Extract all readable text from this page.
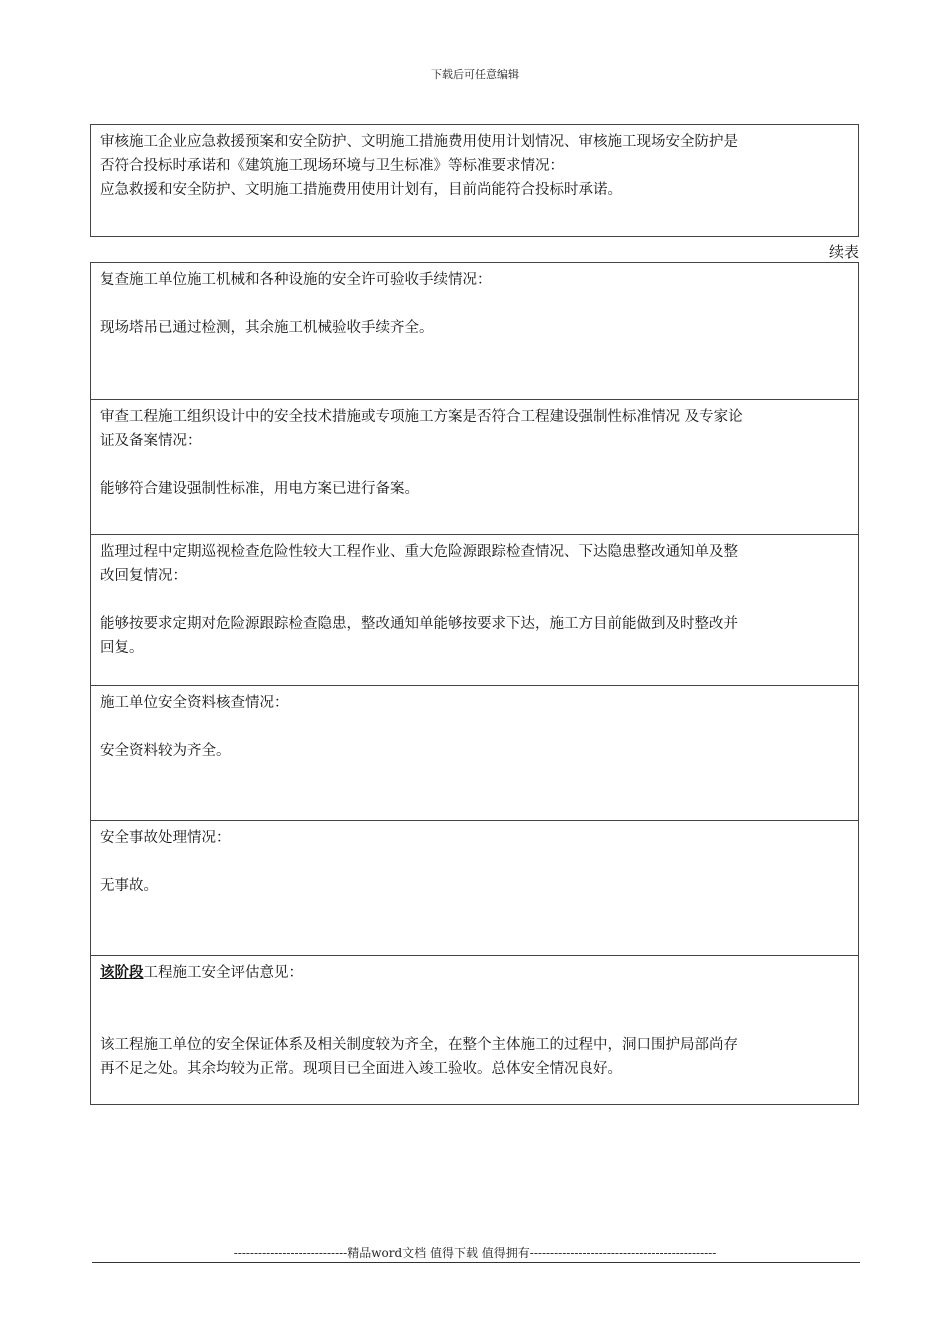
下载后可任意编辑
审核施工企业应急救援预案和安全防护、文明施工措施费用使用计划情况、审核施工现场安全防护是
否符合投标时承诺和《建筑施工现场环境与卫生标准》等标准要求情况：
应急救援和安全防护、文明施工措施费用使用计划有，目前尚能符合投标时承诺。
续表
复查施工单位施工机械和各种设施的安全许可验收手续情况：
现场塔吊已通过检测，其余施工机械验收手续齐全。
审查工程施工组织设计中的安全技术措施或专项施工方案是否符合工程建设强制性标准情况 及专家论
证及备案情况：
能够符合建设强制性标准，用电方案已进行备案。
监理过程中定期巡视检查危险性较大工程作业、重大危险源跟踪检查情况、下达隐患整改通知单及整
改回复情况：
能够按要求定期对危险源跟踪检查隐患，整改通知单能够按要求下达，施工方目前能做到及时整改并
回复。
施工单位安全资料核查情况：
安全资料较为齐全。
安全事故处理情况：
无事故。
该阶段工程施工安全评估意见：
该工程施工单位的安全保证体系及相关制度较为齐全，在整个主体施工的过程中，洞口围护局部尚存
再不足之处。其余均较为正常。现项目已全面进入竣工验收。总体安全情况良好。
----------------------------精品word文档 值得下载 值得拥有----------------------------------------------
